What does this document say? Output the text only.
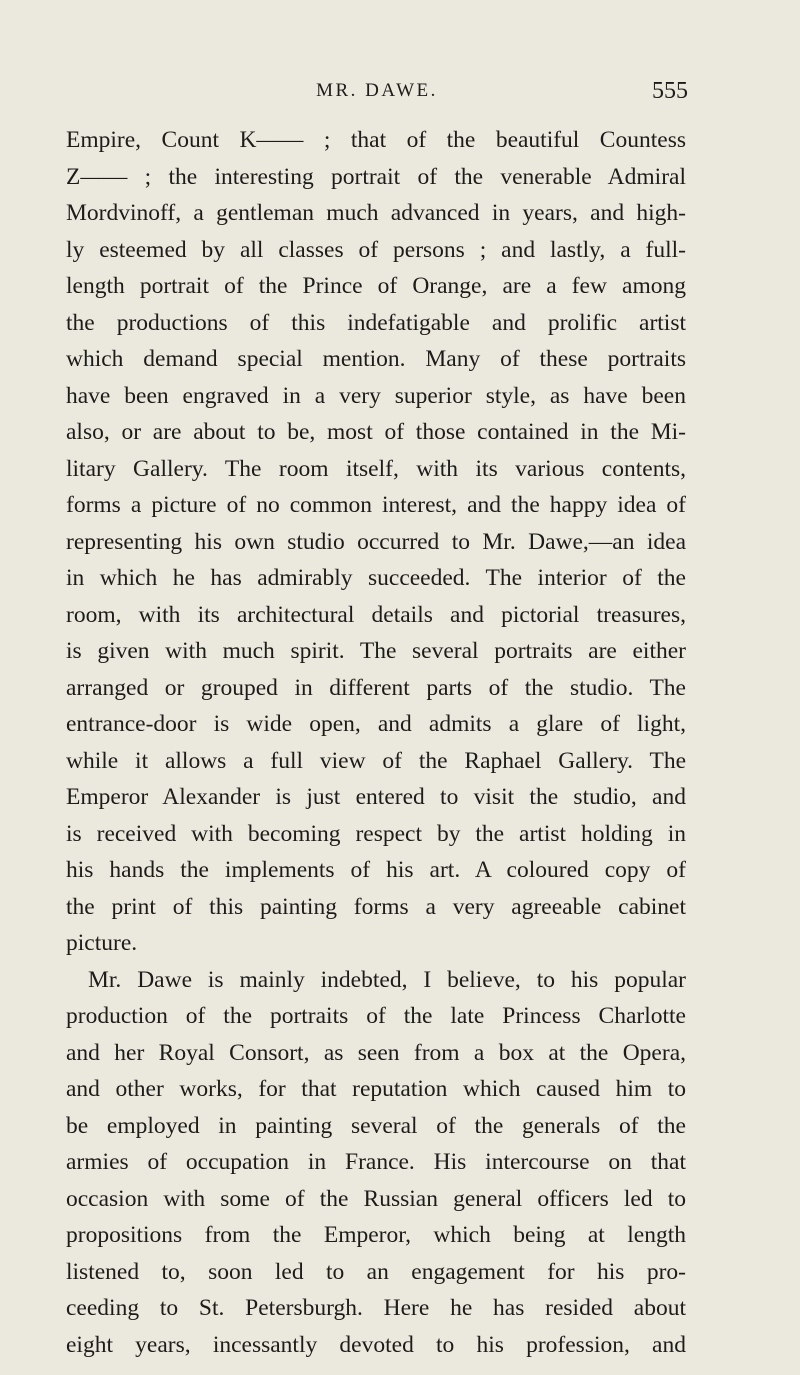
MR. DAWE.	555
Empire, Count K—— ; that of the beautiful Countess
Z—— ; the interesting portrait of the venerable Admiral
Mordvinoff, a gentleman much advanced in years, and high-
ly esteemed by all classes of persons ; and lastly, a full-
length portrait of the Prince of Orange, are a few among
the productions of this indefatigable and prolific artist
which demand special mention. Many of these portraits
have been engraved in a very superior style, as have been
also, or are about to be, most of those contained in the Mi-
litary Gallery. The room itself, with its various contents,
forms a picture of no common interest, and the happy idea of
representing his own studio occurred to Mr. Dawe,—an idea
in which he has admirably succeeded. The interior of the
room, with its architectural details and pictorial treasures,
is given with much spirit. The several portraits are either
arranged or grouped in different parts of the studio. The
entrance-door is wide open, and admits a glare of light,
while it allows a full view of the Raphael Gallery. The
Emperor Alexander is just entered to visit the studio, and
is received with becoming respect by the artist holding in
his hands the implements of his art. A coloured copy of
the print of this painting forms a very agreeable cabinet
picture.
Mr. Dawe is mainly indebted, I believe, to his popular
production of the portraits of the late Princess Charlotte
and her Royal Consort, as seen from a box at the Opera,
and other works, for that reputation which caused him to
be employed in painting several of the generals of the
armies of occupation in France. His intercourse on that
occasion with some of the Russian general officers led to
propositions from the Emperor, which being at length
listened to, soon led to an engagement for his pro-
ceeding to St. Petersburgh. Here he has resided about
eight years, incessantly devoted to his profession, and
